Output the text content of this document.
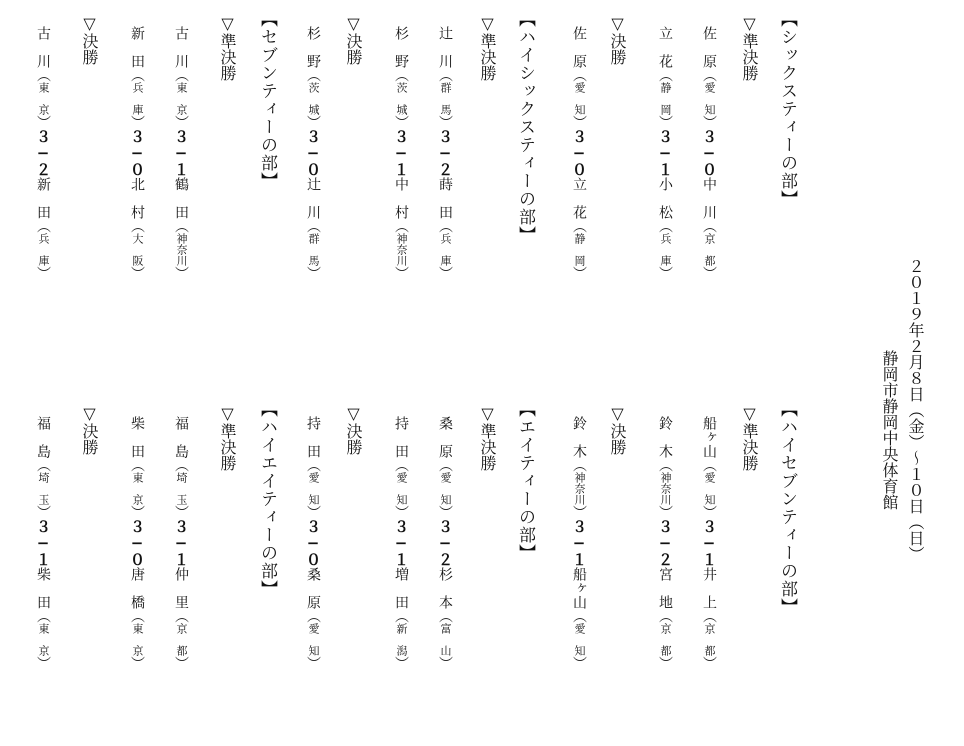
２０１９年２月８日（金）～１０日（日）
静岡市静岡中央体育館
【シックスティーの部】
▽準決勝
佐　原（愛　知）３−０中　川（京　都）
立　花（静　岡）３−１小　松（兵　庫）
▽決勝
佐　原（愛　知）３−０立　花（静　岡）
【ハイシックスティーの部】
▽準決勝
辻　川（群　馬）３−２蒔　田（兵　庫）
杉　野（茨　城）３−１中　村（神奈川）
▽決勝
杉　野（茨　城）３−０辻　川（群　馬）
【セブンティーの部】
▽準決勝
古　川（東　京）３−１鶴　田（神奈川）
新　田（兵　庫）３−０北　村（大　阪）
▽決勝
古　川（東　京）３−２新　田（兵　庫）
【ハイセブンティーの部】
▽準決勝
船ヶ山（愛　知）３−１井　上（京　都）
鈴　木（神奈川）３−２宮　地（京　都）
▽決勝
鈴　木（神奈川）３−１船ヶ山（愛　知）
【エイティーの部】
▽準決勝
桑　原（愛　知）３−２杉　本（富　山）
持　田（愛　知）３−１増　田（新　潟）
▽決勝
持　田（愛　知）３−０桑　原（愛　知）
【ハイエイティーの部】
▽準決勝
福　島（埼　玉）３−１仲　里（京　都）
柴　田（東　京）３−０唐　橋（東　京）
▽決勝
福　島（埼　玉）３−１柴　田（東　京）
